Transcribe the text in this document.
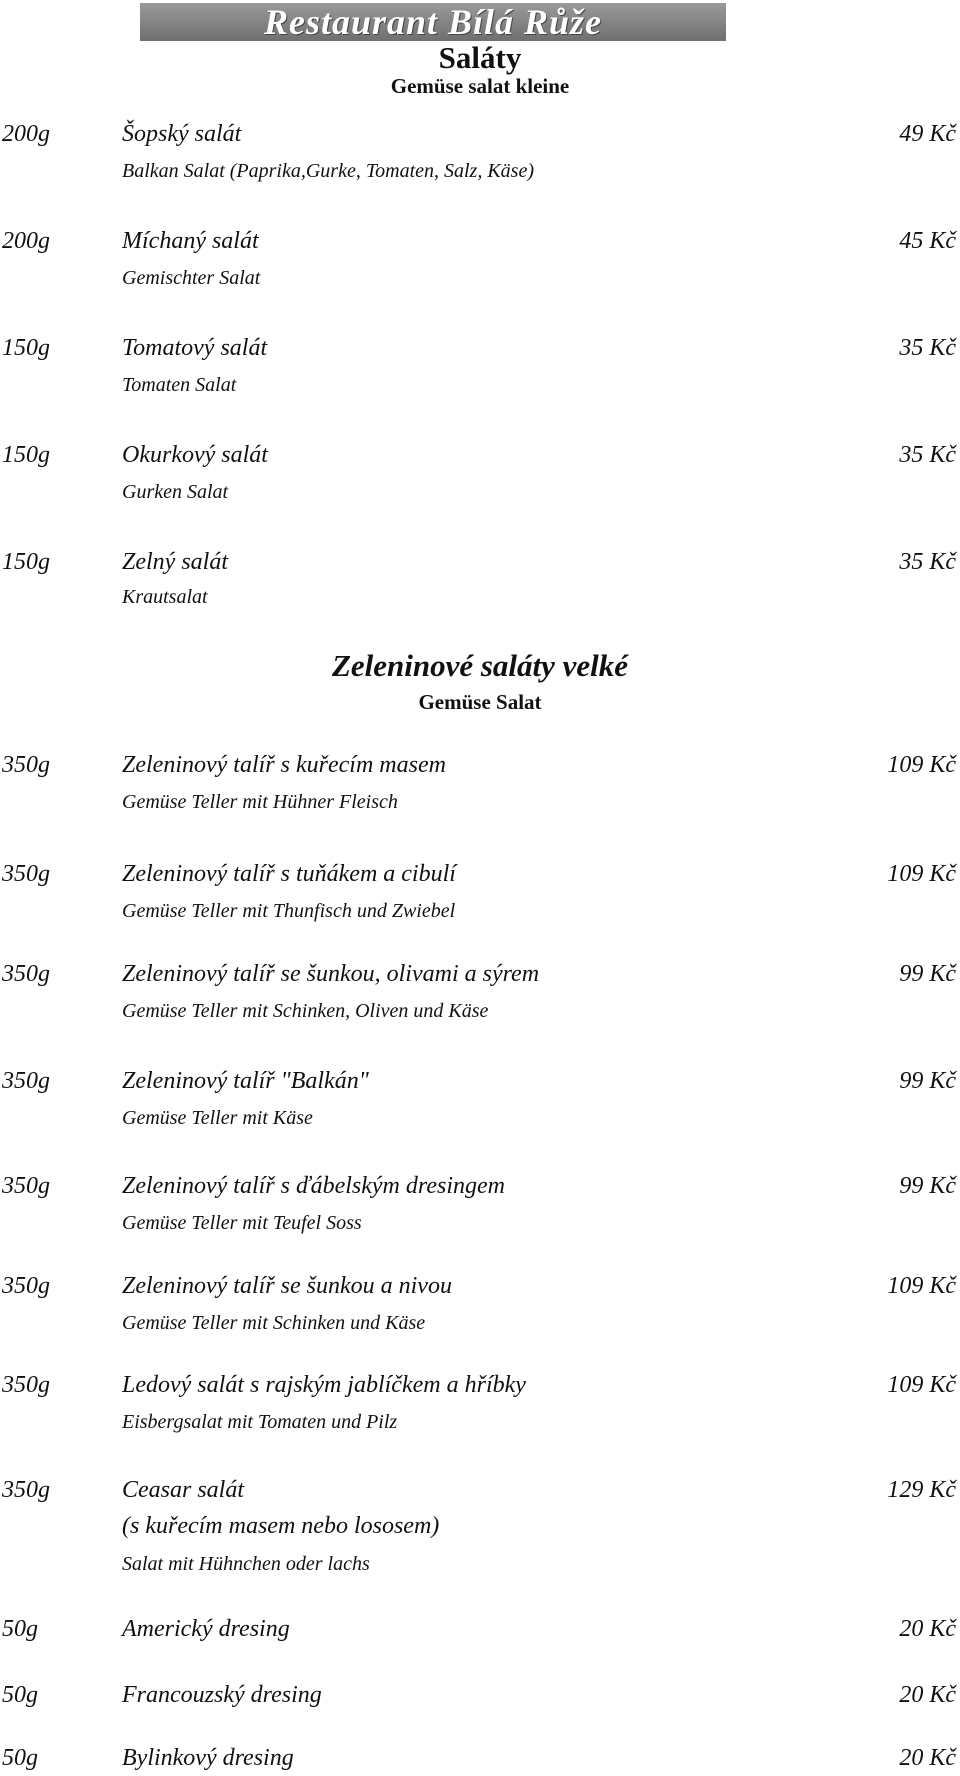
Restaurant Bílá Růže
Saláty
Gemüse salat kleine
200g	Šopský salát	49 Kč
Balkan Salat (Paprika,Gurke, Tomaten, Salz, Käse)
200g	Míchaný salát	45 Kč
Gemischter Salat
150g	Tomatový salát	35 Kč
Tomaten Salat
150g	Okurkový salát	35 Kč
Gurken Salat
150g	Zelný salát	35 Kč
Krautsalat
Zeleninové saláty velké
Gemüse Salat
350g	Zeleninový talíř s kuřecím masem	109 Kč
Gemüse Teller mit Hühner Fleisch
350g	Zeleninový talíř s tuňákem a cibulí	109 Kč
Gemüse Teller mit Thunfisch und Zwiebel
350g	Zeleninový talíř se šunkou, olivami a sýrem	99 Kč
Gemüse Teller mit Schinken, Oliven und Käse
350g	Zeleninový talíř "Balkán"	99 Kč
Gemüse Teller mit Käse
350g	Zeleninový talíř s ďábelským dresingem	99 Kč
Gemüse Teller mit Teufel Soss
350g	Zeleninový talíř se šunkou a nivou	109 Kč
Gemüse Teller mit Schinken und Käse
350g	Ledový salát s rajským jablíčkem a hříbky	109 Kč
Eisbergsalat mit Tomaten und Pilz
350g	Ceasar salát	129 Kč
(s kuřecím masem nebo lososem)
Salat mit Hühnchen oder lachs
50g	Americký dresing	20 Kč
50g	Francouzský dresing	20 Kč
50g	Bylinkový dresing	20 Kč
